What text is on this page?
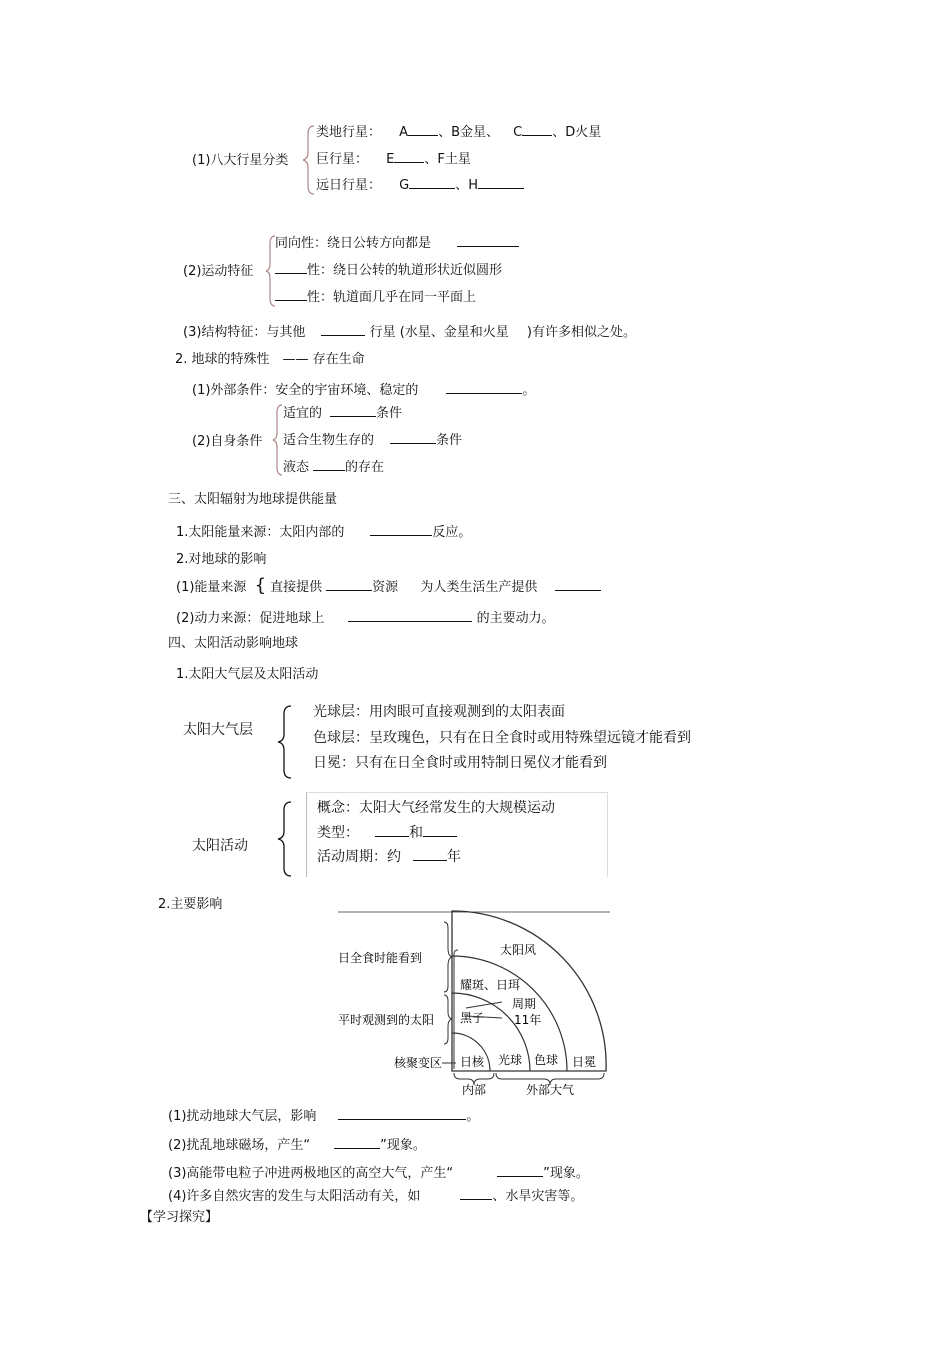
(1)八大行星分类
类地行星： A 、B金星、 C 、D火星
巨行星： E 、F土星
远日行星： G	、H
(2)运动特征
同向性：绕日公转方向都是
性：绕日公转的轨道形状近似圆形
性：轨道面几乎在同一平面上
(3)结构特征：与其他	行星 (水星、金星和火星 )有许多相似之处。
2. 地球的特殊性　—— 存在生命
(1)外部条件：安全的宇宙环境、稳定的	。
(2)自身条件
适宜的	条件
适合生物生存的	条件
液态	的存在
三、太阳辐射为地球提供能量
1.太阳能量来源：太阳内部的	反应。
2.对地球的影响
(1)能量来源 { 直接提供	资源 为人类生活生产提供
(2)动力来源：促进地球上	的主要动力。
四、太阳活动影响地球
1.太阳大气层及太阳活动
太阳大气层
光球层：用肉眼可直接观测到的太阳表面
色球层：呈玫瑰色，只有在日全食时或用特殊望远镜才能看到
日冕：只有在日全食时或用特制日冕仪才能看到
太阳活动
概念：太阳大气经常发生的大规模运动
类型：	和
活动周期：约	年
2.主要影响
太阳风
耀斑、日珥
周期
11年
黑子
日核 光球 色球 日冕
日全食时能看到
平时观测到的太阳
核聚变区
内部	外部大气
(1)扰动地球大气层，影响	。
(2)扰乱地球磁场，产生“	”现象。
(3)高能带电粒子冲进两极地区的高空大气，产生“	”现象。
(4)许多自然灾害的发生与太阳活动有关，如	、水旱灾害等。
【学习探究】
